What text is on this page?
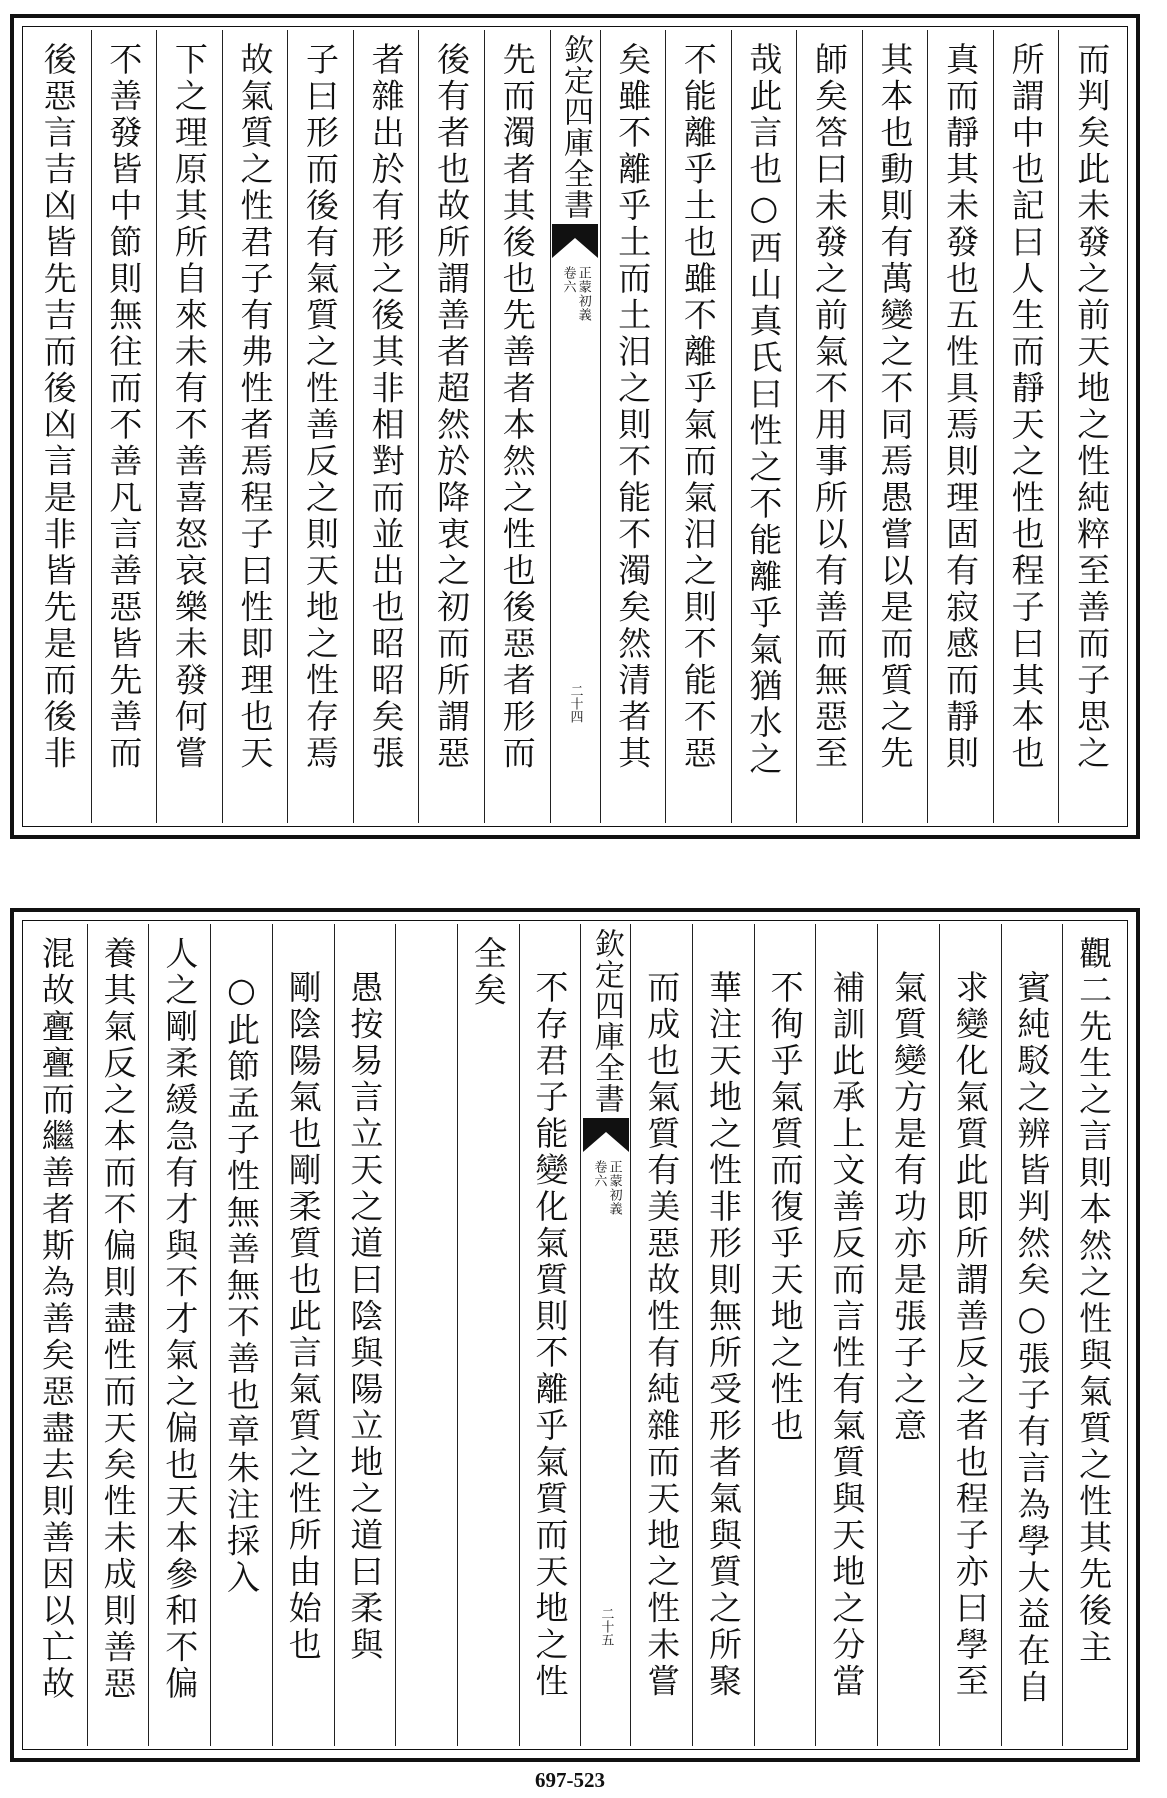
而判矣此未發之前天地之性純粹至善而子思之
所謂中也記曰人生而靜天之性也程子曰其本也
真而靜其未發也五性具焉則理固有寂感而靜則
其本也動則有萬變之不同焉愚嘗以是而質之先
師矣答曰未發之前氣不用事所以有善而無惡至
哉此言也○西山真氏曰性之不能離乎氣猶水之
不能離乎土也雖不離乎氣而氣汨之則不能不惡
矣雖不離乎土而土汨之則不能不濁矣然清者其
欽定四庫全書
正蒙初義
卷六
二十四
先而濁者其後也先善者本然之性也後惡者形而
後有者也故所謂善者超然於降衷之初而所謂惡
者雜出於有形之後其非相對而並出也昭昭矣張
子曰形而後有氣質之性善反之則天地之性存焉
故氣質之性君子有弗性者焉程子曰性即理也天
下之理原其所自來未有不善喜怒哀樂未發何嘗
不善發皆中節則無往而不善凡言善惡皆先善而
後惡言吉凶皆先吉而後凶言是非皆先是而後非
觀二先生之言則本然之性與氣質之性其先後主
賓純駁之辨皆判然矣○張子有言為學大益在自
求變化氣質此即所謂善反之者也程子亦曰學至
氣質變方是有功亦是張子之意
補訓此承上文善反而言性有氣質與天地之分當
不徇乎氣質而復乎天地之性也
華注天地之性非形則無所受形者氣與質之所聚
而成也氣質有美惡故性有純雜而天地之性未嘗
欽定四庫全書
正蒙初義
卷六
二十五
不存君子能變化氣質則不離乎氣質而天地之性
全矣
愚按易言立天之道曰陰與陽立地之道曰柔與
剛陰陽氣也剛柔質也此言氣質之性所由始也
○此節孟子性無善無不善也章朱注採入
人之剛柔緩急有才與不才氣之偏也天本參和不偏
養其氣反之本而不偏則盡性而天矣性未成則善惡
混故亹亹而繼善者斯為善矣惡盡去則善因以亡故
697-523
